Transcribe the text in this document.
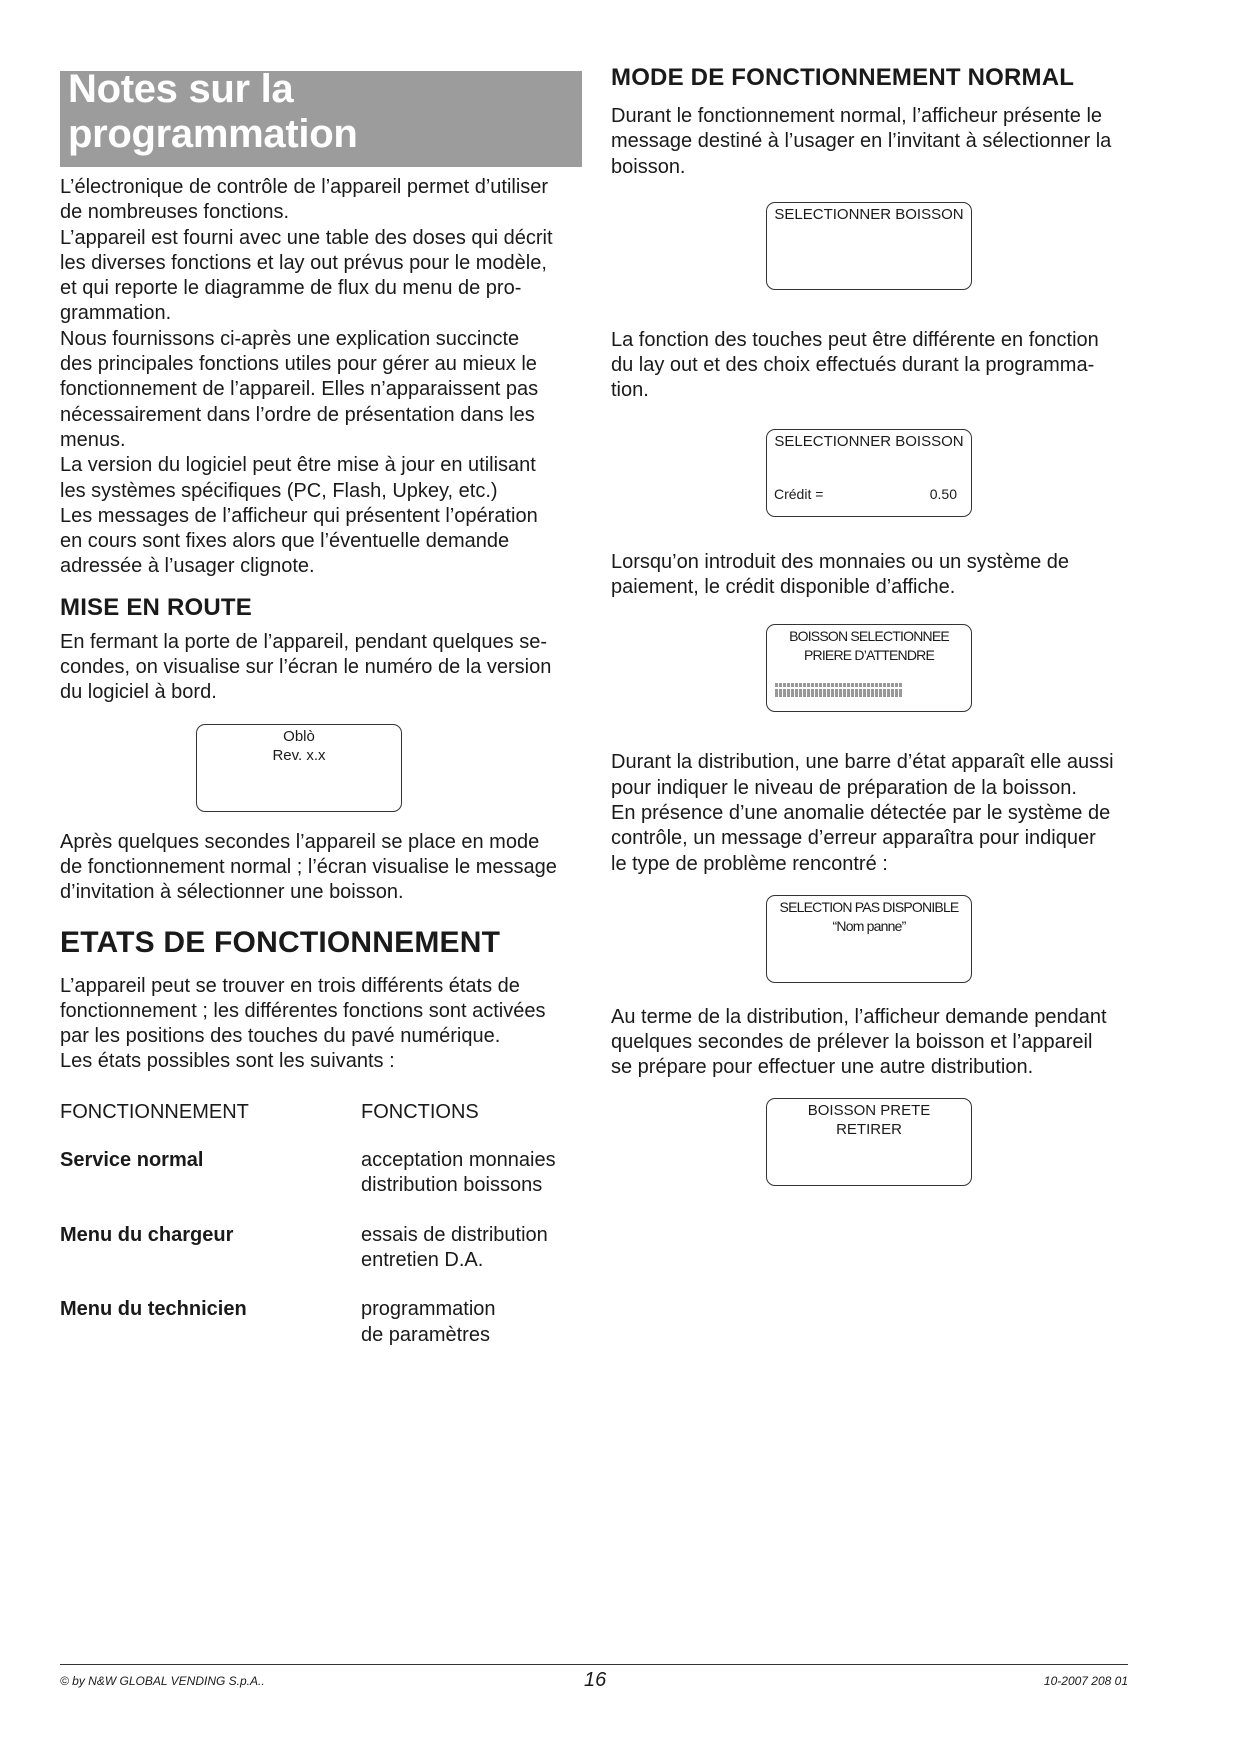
Notes sur la programmation

L’électronique de contrôle de l’appareil permet d’utiliser
de nombreuses fonctions.
L’appareil est fourni avec une table des doses qui décrit
les diverses fonctions et lay out prévus pour le modèle,
et qui reporte le diagramme de flux du menu de pro-
grammation.
Nous fournissons ci-après une explication succincte
des principales fonctions utiles pour gérer au mieux le
fonctionnement de l’appareil. Elles n’apparaissent pas
nécessairement dans l’ordre de présentation dans les
menus.
La version du logiciel peut être mise à jour en utilisant
les systèmes spécifiques (PC, Flash, Upkey, etc.)
Les messages de l’afficheur qui présentent l’opération
en cours sont fixes alors que l’éventuelle demande
adressée à l’usager clignote.

MISE EN ROUTE

En fermant la porte de l’appareil, pendant quelques se-
condes, on visualise sur l’écran le numéro de la version
du logiciel à bord.

Oblò
Rev. x.x

Après quelques secondes l’appareil se place en mode
de fonctionnement normal ; l’écran visualise le message
d’invitation à sélectionner une boisson.

ETATS DE FONCTIONNEMENT

L’appareil peut se trouver en trois différents états de
fonctionnement ; les différentes fonctions sont activées
par les positions des touches du pavé numérique.
Les états possibles sont les suivants :

FONCTIONNEMENT	FONCTIONS
Service normal	acceptation monnaies
distribution boissons
Menu du chargeur	essais de distribution
entretien D.A.
Menu du technicien	programmation
de paramètres
MODE DE FONCTIONNEMENT NORMAL

Durant le fonctionnement normal, l’afficheur présente le
message destiné à l’usager en l’invitant à sélectionner la
boisson.

SELECTIONNER BOISSON

La fonction des touches peut être différente en fonction
du lay out et des choix effectués durant la programma-
tion.

SELECTIONNER BOISSON
Crédit =	0.50

Lorsqu’on introduit des monnaies ou un système de
paiement, le crédit disponible d’affiche.

BOISSON SELECTIONNEE
PRIERE D’ATTENDRE

Durant la distribution, une barre d’état apparaît elle aussi
pour indiquer le niveau de préparation de la boisson.
En présence d’une anomalie détectée par le système de
contrôle, un message d’erreur apparaîtra pour indiquer
le type de problème rencontré :

SELECTION PAS DISPONIBLE
“Nom panne”

Au terme de la distribution, l’afficheur demande pendant
quelques secondes de prélever la boisson et l’appareil
se prépare pour effectuer une autre distribution.

BOISSON PRETE
RETIRER
© by N&W GLOBAL VENDING S.p.A..	16	10-2007 208 01
